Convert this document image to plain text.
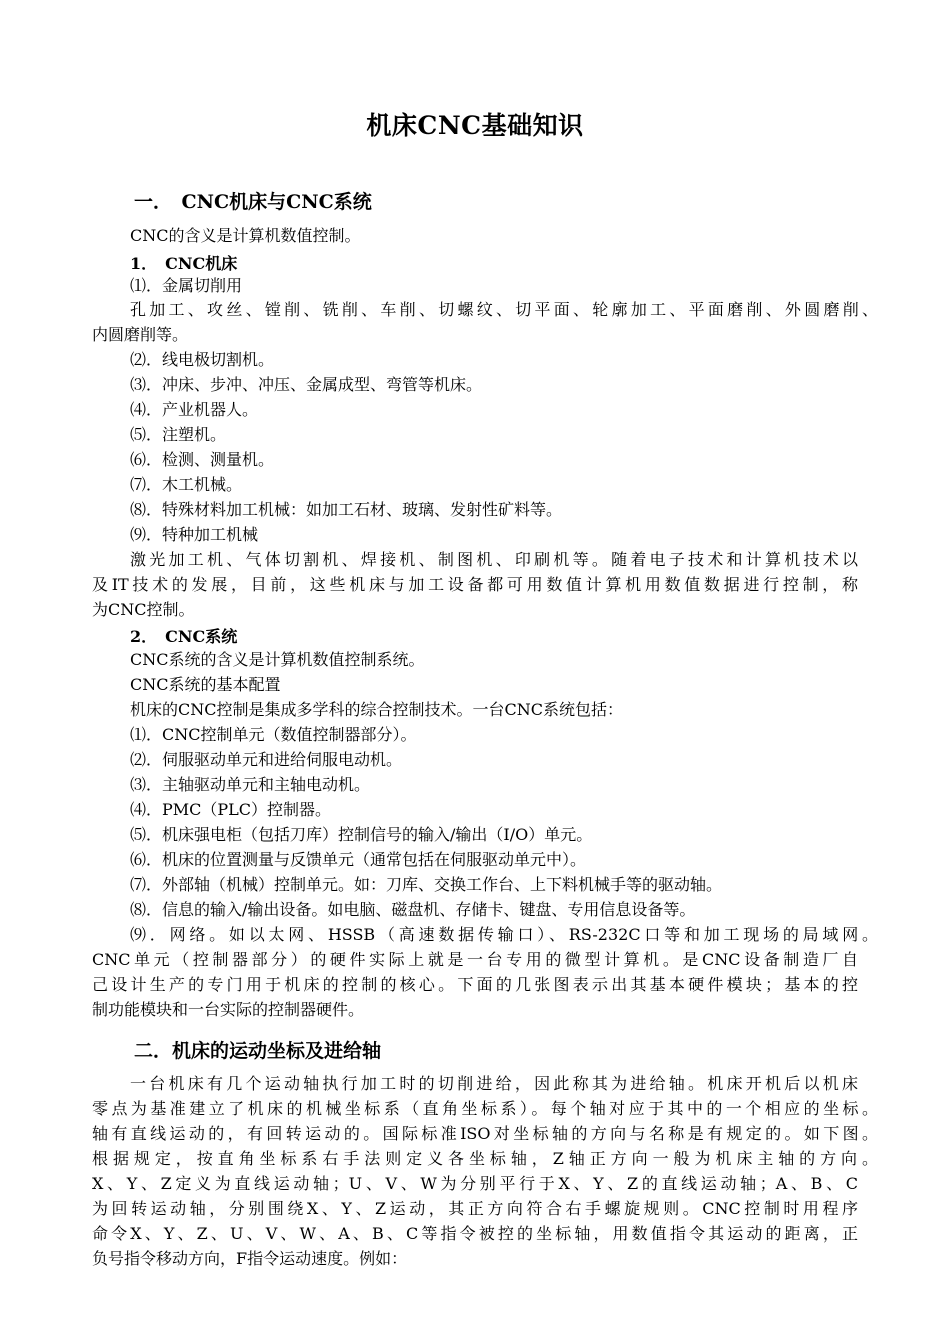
机床CNC基础知识
一．　CNC机床与CNC系统
CNC的含义是计算机数值控制。
1．　CNC机床
⑴．金属切削用
孔加工、攻丝、镗削、铣削、车削、切螺纹、切平面、轮廓加工、平面磨削、外圆磨削、
内圆磨削等。
⑵．线电极切割机。
⑶．冲床、步冲、冲压、金属成型、弯管等机床。
⑷．产业机器人。
⑸．注塑机。
⑹．检测、测量机。
⑺．木工机械。
⑻．特殊材料加工机械：如加工石材、玻璃、发射性矿料等。
⑼．特种加工机械
激光加工机、气体切割机、焊接机、制图机、印刷机等。随着电子技术和计算机技术以
及IT技术的发展，目前，这些机床与加工设备都可用数值计算机用数值数据进行控制，称
为CNC控制。
2．　CNC系统
CNC系统的含义是计算机数值控制系统。
CNC系统的基本配置
机床的CNC控制是集成多学科的综合控制技术。一台CNC系统包括：
⑴．CNC控制单元（数值控制器部分）。
⑵．伺服驱动单元和进给伺服电动机。
⑶．主轴驱动单元和主轴电动机。
⑷．PMC（PLC）控制器。
⑸．机床强电柜（包括刀库）控制信号的输入/输出（I/O）单元。
⑹．机床的位置测量与反馈单元（通常包括在伺服驱动单元中）。
⑺．外部轴（机械）控制单元。如：刀库、交换工作台、上下料机械手等的驱动轴。
⑻．信息的输入/输出设备。如电脑、磁盘机、存储卡、键盘、专用信息设备等。
⑼．网络。如以太网、HSSB（高速数据传输口）、RS-232C口等和加工现场的局域网。
CNC单元（控制器部分）的硬件实际上就是一台专用的微型计算机。是CNC设备制造厂自
己设计生产的专门用于机床的控制的核心。下面的几张图表示出其基本硬件模块；基本的控
制功能模块和一台实际的控制器硬件。
二．机床的运动坐标及进给轴
一台机床有几个运动轴执行加工时的切削进给，因此称其为进给轴。机床开机后以机床
零点为基准建立了机床的机械坐标系（直角坐标系）。每个轴对应于其中的一个相应的坐标。
轴有直线运动的，有回转运动的。国际标准ISO对坐标轴的方向与名称是有规定的。如下图。
根据规定，按直角坐标系右手法则定义各坐标轴，Z轴正方向一般为机床主轴的方向。
X、Y、Z定义为直线运动轴；U、V、W为分别平行于X、Y、Z的直线运动轴；A、B、C
为回转运动轴，分别围绕X、Y、Z运动，其正方向符合右手螺旋规则。CNC控制时用程序
命令X、Y、Z、U、V、W、A、B、C等指令被控的坐标轴，用数值指令其运动的距离，正
负号指令移动方向，F指令运动速度。例如：
